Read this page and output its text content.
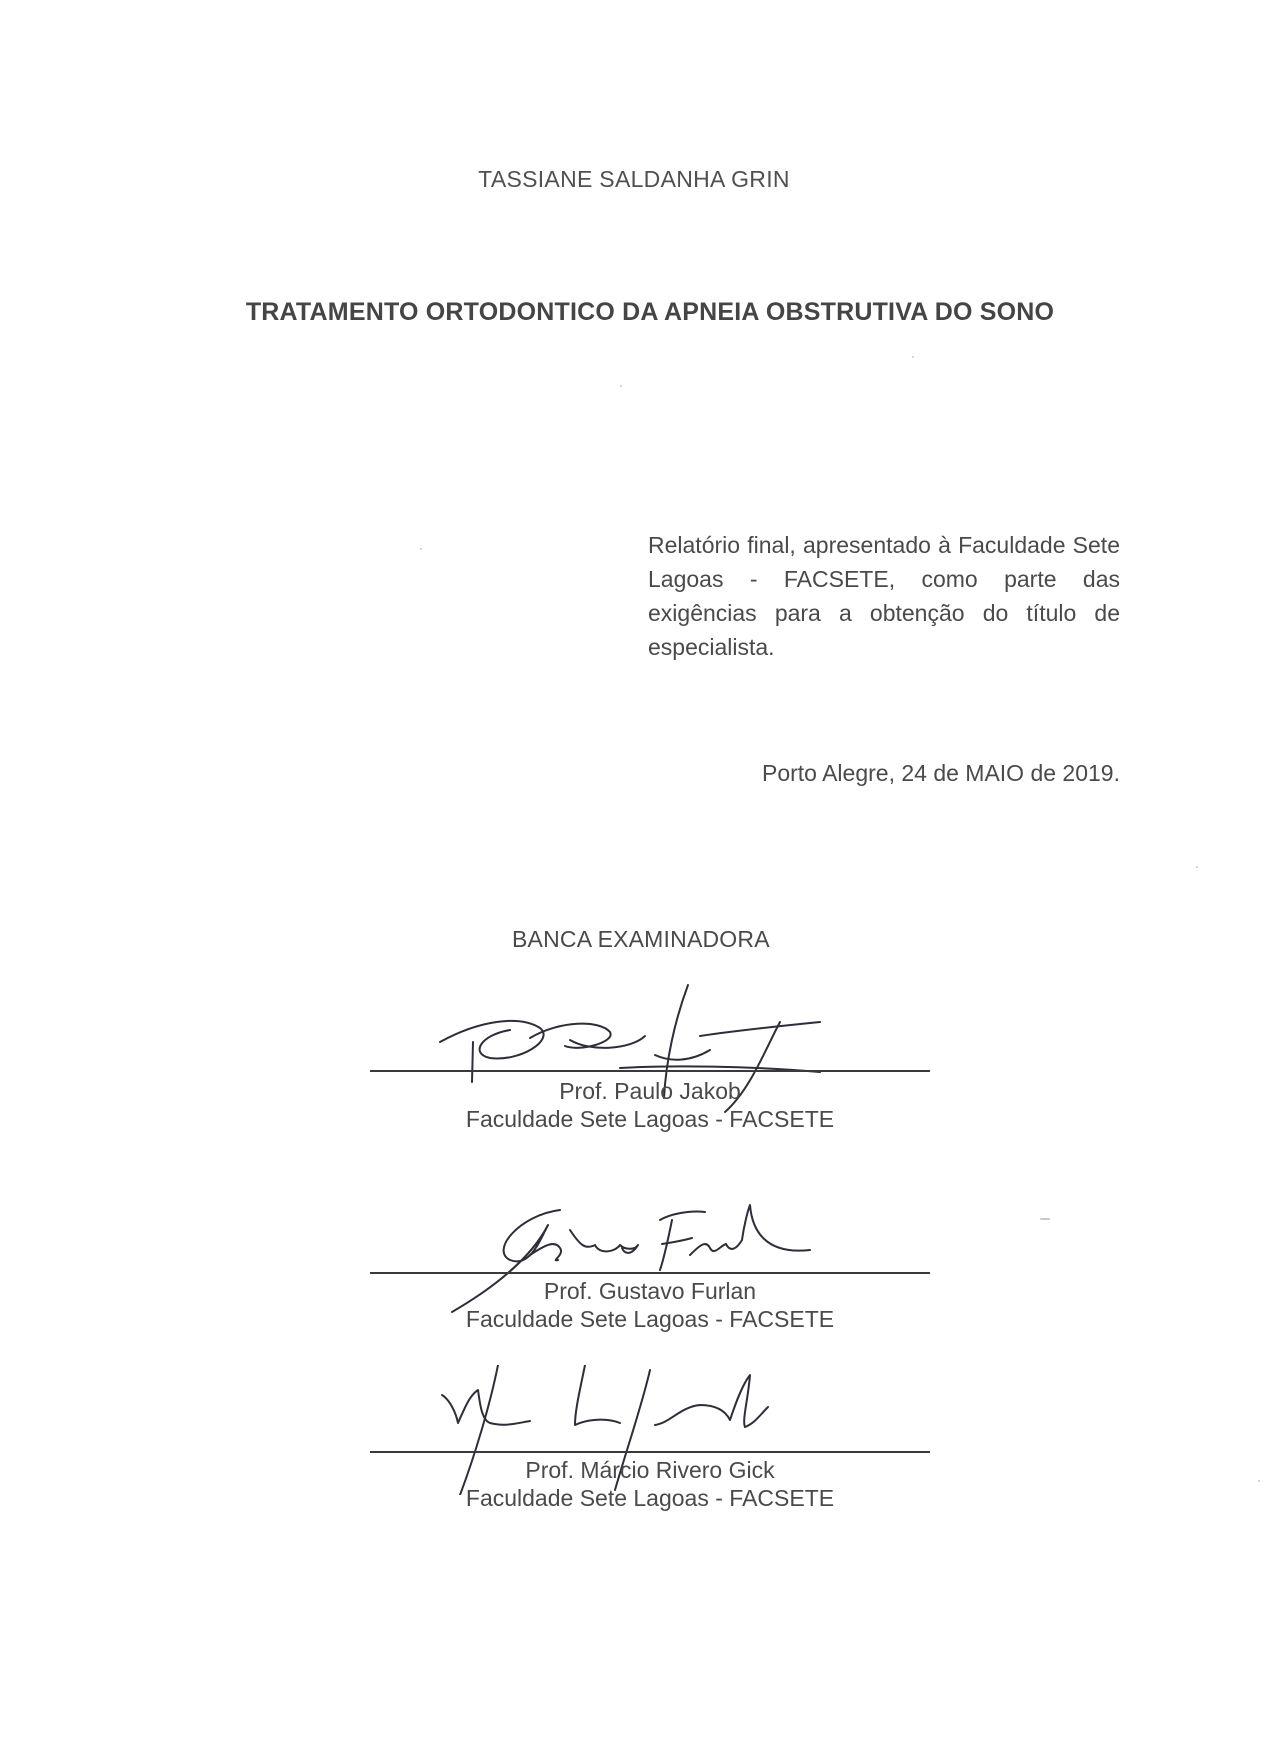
TASSIANE SALDANHA GRIN
TRATAMENTO ORTODONTICO DA APNEIA OBSTRUTIVA DO SONO
Relatório final, apresentado à Faculdade Sete Lagoas - FACSETE, como parte das exigências para a obtenção do título de especialista.
Porto Alegre, 24 de MAIO de 2019.
BANCA EXAMINADORA
Prof. Paulo Jakob
Faculdade Sete Lagoas - FACSETE
Prof. Gustavo Furlan
Faculdade Sete Lagoas - FACSETE
Prof. Márcio Rivero Gick
Faculdade Sete Lagoas - FACSETE
